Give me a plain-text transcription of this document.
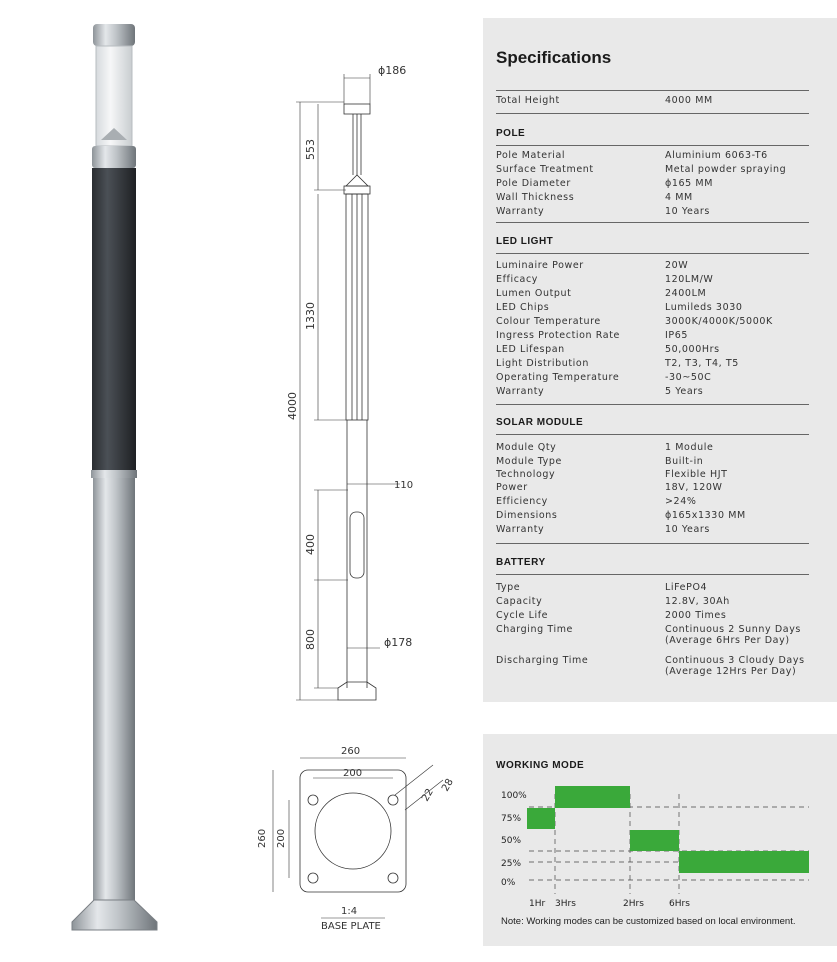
ϕ186
4000
553
1330
400
800
110
ϕ178
260
200
260 200
22
28
1:4
BASE PLATE
Specifications
Total Height	4000 MM
POLE
Pole Material	Aluminium 6063-T6
Surface Treatment	Metal powder spraying
Pole Diameter	ϕ165 MM
Wall Thickness	4 MM
Warranty	10 Years
LED LIGHT
Luminaire Power	20W
Efficacy	120LM/W
Lumen Output	2400LM
LED Chips	Lumileds 3030
Colour Temperature	3000K/4000K/5000K
Ingress Protection Rate	IP65
LED Lifespan	50,000Hrs
Light Distribution	T2, T3, T4, T5
Operating Temperature	-30~50C
Warranty	5 Years
SOLAR MODULE
Module Qty	1 Module
Module Type	Built-in
Technology	Flexible HJT
Power	18V, 120W
Efficiency	>24%
Dimensions	ϕ165x1330 MM
Warranty	10 Years
BATTERY
Type	LiFePO4
Capacity	12.8V, 30Ah
Cycle Life	2000 Times
Charging Time	Continuous 2 Sunny Days
(Average 6Hrs Per Day)
Discharging Time	Continuous 3 Cloudy Days
(Average 12Hrs Per Day)
WORKING MODE
100%
75%
50%
25%
0%
1Hr 3Hrs	2Hrs	6Hrs
Note: Working modes can be customized based on local environment.
